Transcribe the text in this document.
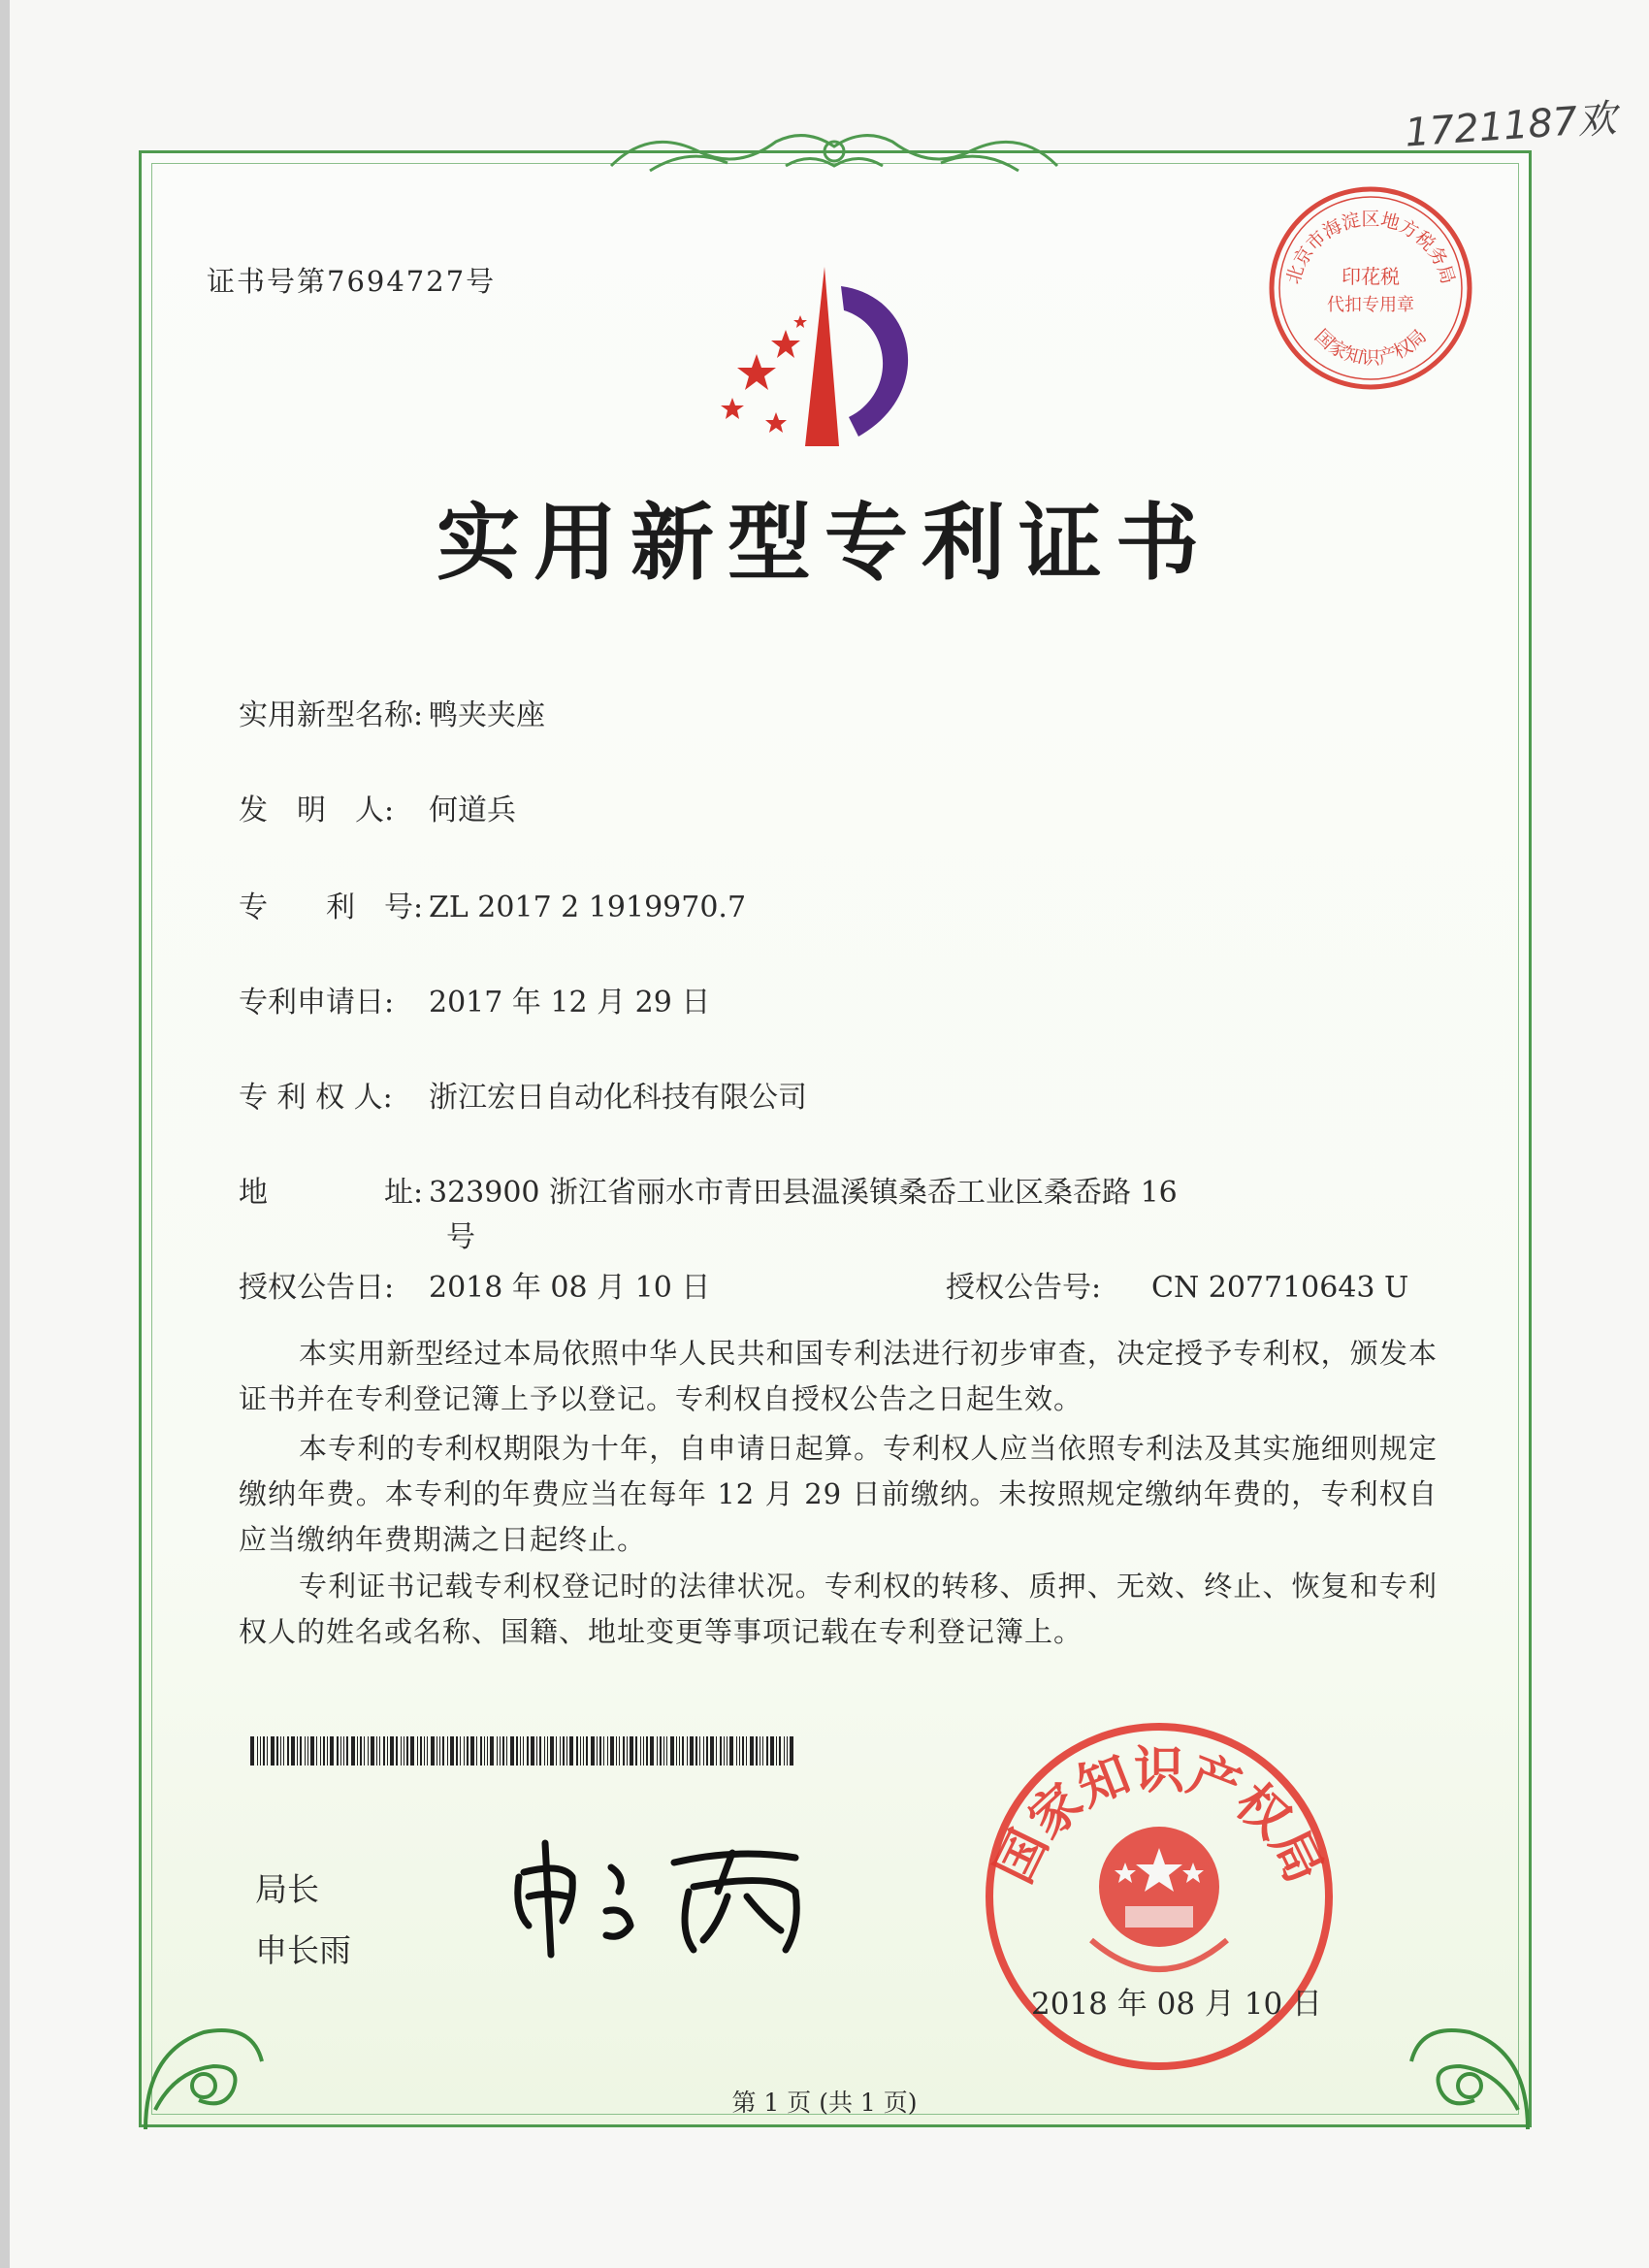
1721187欢
证书号第7694727号	北京市海淀区地方税务局
印花税
代扣专用章
国家知识产权局
实用新型专利证书
实用新型名称: 鸭夹夹座
发　明　人: 何道兵
专　　利　号: ZL 2017 2 1919970.7
专利申请日: 2017 年 12 月 29 日
专 利 权 人: 浙江宏日自动化科技有限公司
地　　　　址: 323900 浙江省丽水市青田县温溪镇桑岙工业区桑岙路 16
号
授权公告日: 2018 年 08 月 10 日	授权公告号: CN 207710643 U
本实用新型经过本局依照中华人民共和国专利法进行初步审查，决定授予专利权，颁发本证书并在专利登记簿上予以登记。专利权自授权公告之日起生效。
本专利的专利权期限为十年，自申请日起算。专利权人应当依照专利法及其实施细则规定缴纳年费。本专利的年费应当在每年 12 月 29 日前缴纳。未按照规定缴纳年费的，专利权自应当缴纳年费期满之日起终止。
专利证书记载专利权登记时的法律状况。专利权的转移、质押、无效、终止、恢复和专利权人的姓名或名称、国籍、地址变更等事项记载在专利登记簿上。
局长
申长雨
国家知识产权局
2018 年 08 月 10 日
第 1 页 (共 1 页)
